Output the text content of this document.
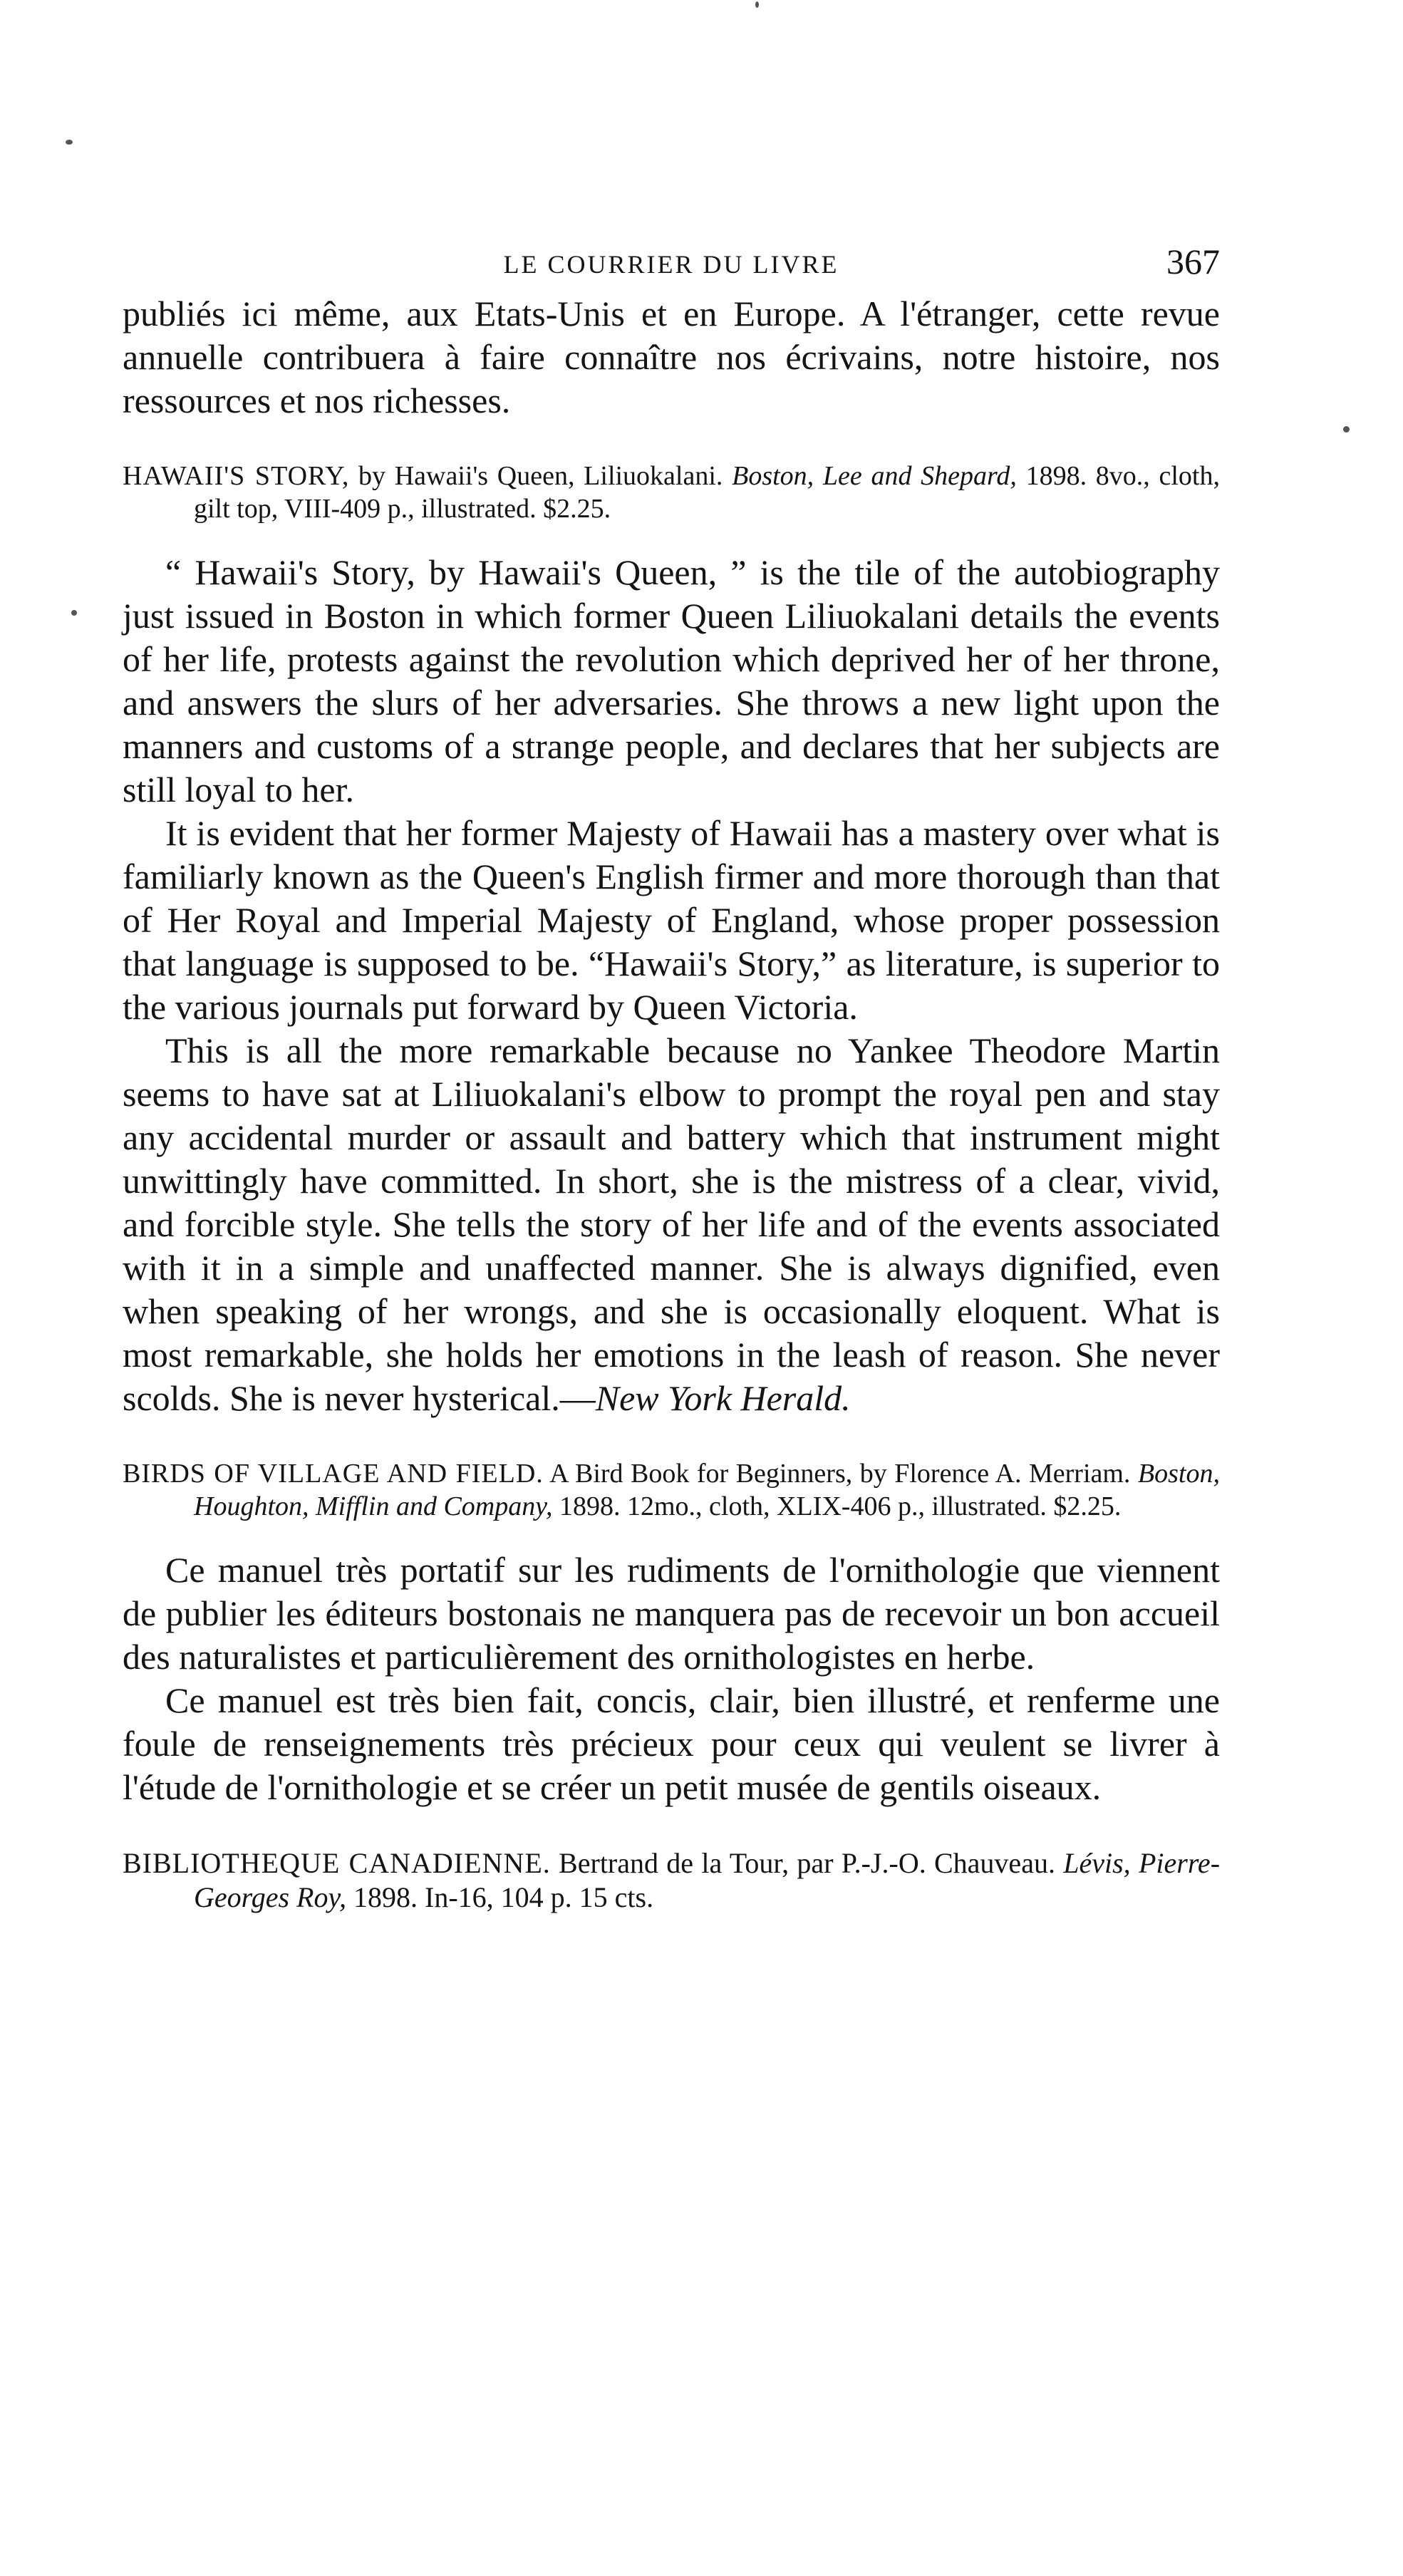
LE COURRIER DU LIVRE	367

publiés ici même, aux Etats-Unis et en Europe. A l'étranger, cette revue annuelle contribuera à faire connaître nos écrivains, notre histoire, nos ressources et nos richesses.

HAWAII'S STORY, by Hawaii's Queen, Liliuokalani. Boston, Lee and Shepard, 1898. 8vo., cloth, gilt top, VIII-409 p., illustrated. $2.25.

“ Hawaii's Story, by Hawaii's Queen, ” is the tile of the autobiography just issued in Boston in which former Queen Liliuokalani details the events of her life, protests against the revolution which deprived her of her throne, and answers the slurs of her adversaries. She throws a new light upon the manners and customs of a strange people, and declares that her subjects are still loyal to her.

It is evident that her former Majesty of Hawaii has a mastery over what is familiarly known as the Queen's English firmer and more thorough than that of Her Royal and Imperial Majesty of England, whose proper possession that language is supposed to be. “Hawaii's Story,” as literature, is superior to the various journals put forward by Queen Victoria.

This is all the more remarkable because no Yankee Theodore Martin seems to have sat at Liliuokalani's elbow to prompt the royal pen and stay any accidental murder or assault and battery which that instrument might unwittingly have committed. In short, she is the mistress of a clear, vivid, and forcible style. She tells the story of her life and of the events associated with it in a simple and unaffected manner. She is always dignified, even when speaking of her wrongs, and she is occasionally eloquent. What is most remarkable, she holds her emotions in the leash of reason. She never scolds. She is never hysterical.—New York Herald.

BIRDS OF VILLAGE AND FIELD. A Bird Book for Beginners, by Florence A. Merriam. Boston, Houghton, Mifflin and Company, 1898. 12mo., cloth, XLIX-406 p., illustrated. $2.25.

Ce manuel très portatif sur les rudiments de l'ornithologie que viennent de publier les éditeurs bostonais ne manquera pas de recevoir un bon accueil des naturalistes et particulièrement des ornithologistes en herbe.

Ce manuel est très bien fait, concis, clair, bien illustré, et renferme une foule de renseignements très précieux pour ceux qui veulent se livrer à l'étude de l'ornithologie et se créer un petit musée de gentils oiseaux.

BIBLIOTHEQUE CANADIENNE. Bertrand de la Tour, par P.-J.-O. Chauveau. Lévis, Pierre-Georges Roy, 1898. In-16, 104 p. 15 cts.
